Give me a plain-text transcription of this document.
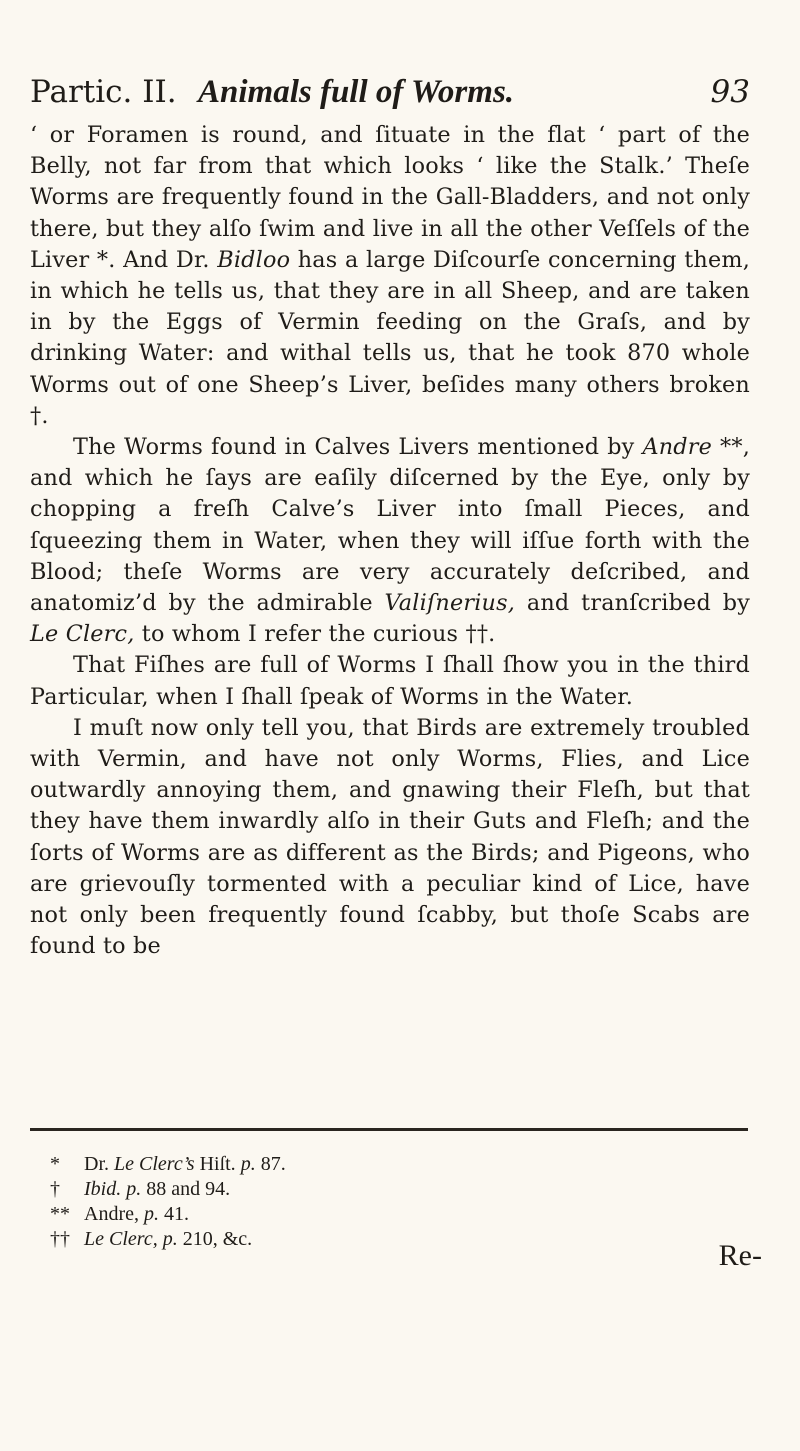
Partic. II. Animals full of Worms.	93

‘ or Foramen is round, and ſituate in the flat ‘ part of the Belly, not far from that which looks ‘ like the Stalk.’ Theſe Worms are frequently found in the Gall-Bladders, and not only there, but they alſo ſwim and live in all the other Veſſels of the Liver *. And Dr. Bidloo has a large Diſcourſe concerning them, in which he tells us, that they are in all Sheep, and are taken in by the Eggs of Vermin feeding on the Graſs, and by drinking Water: and withal tells us, that he took 870 whole Worms out of one Sheep’s Liver, beſides many others broken †.

The Worms found in Calves Livers mentioned by Andre **, and which he ſays are eaſily diſcerned by the Eye, only by chopping a freſh Calve’s Liver into ſmall Pieces, and ſqueezing them in Water, when they will iſſue forth with the Blood; theſe Worms are very accurately deſcribed, and anatomiz’d by the admirable Valiſnerius, and tranſcribed by Le Clerc, to whom I refer the curious ††.

That Fiſhes are full of Worms I ſhall ſhow you in the third Particular, when I ſhall ſpeak of Worms in the Water.

I muſt now only tell you, that Birds are extremely troubled with Vermin, and have not only Worms, Flies, and Lice outwardly annoying them, and gnawing their Fleſh, but that they have them inwardly alſo in their Guts and Fleſh; and the ſorts of Worms are as different as the Birds; and Pigeons, who are grievouſly tormented with a peculiar kind of Lice, have not only been frequently found ſcabby, but thoſe Scabs are found to be

* Dr. Le Clerc’s Hiſt. p. 87.
† Ibid. p. 88 and 94.
** Andre, p. 41.
†† Le Clerc, p. 210, &c.	Re-
